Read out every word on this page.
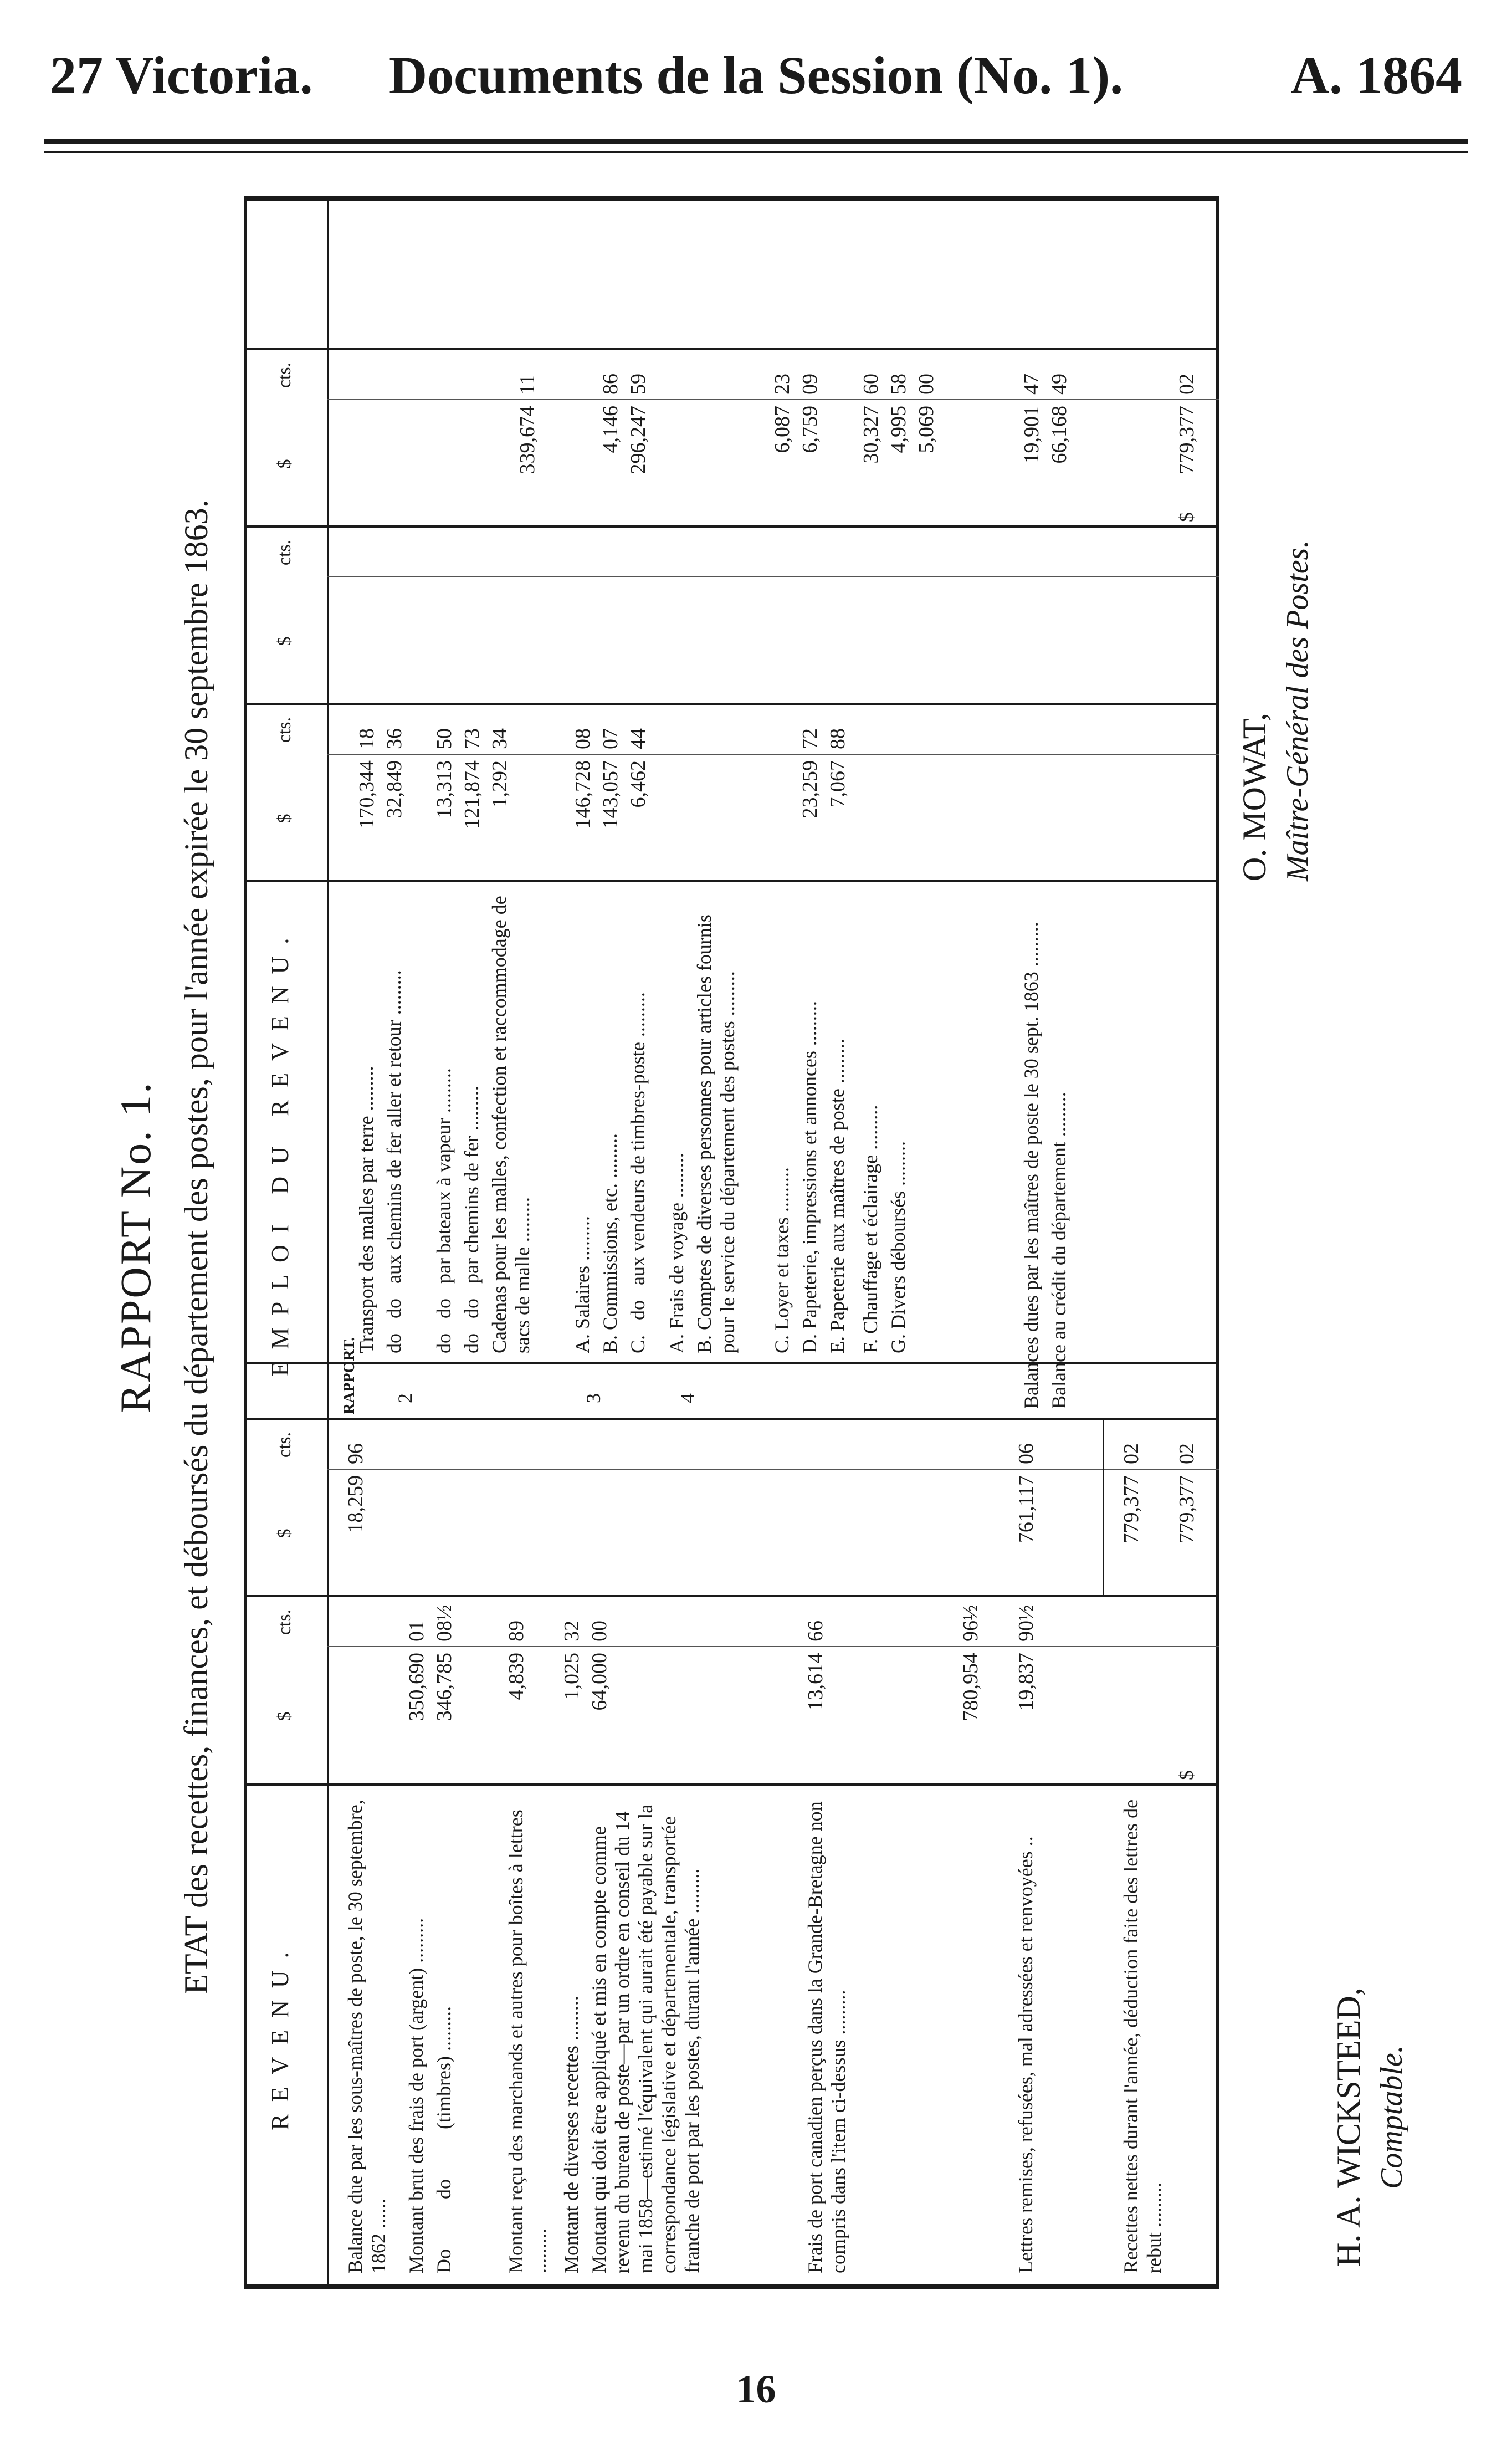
27 Victoria.	Documents de la Session (No. 1).	A. 1864
RAPPORT No. 1. ETAT des recettes, finances, et déboursés du département des postes, pour l'année expirée le 30 septembre 1863.
REVENU.
$
cts.
$
cts.
EMPLOI DU REVENU.
$
cts.
$
cts.
$
cts.
Balance due par les sous-maîtres de poste, le 30 septembre, 1862 ......
18,259
96
Montant brut des frais de port (argent) .........
350,690
01
Do          do          (timbres) .........
346,785
08½
Montant reçu des marchands et autres pour boîtes à lettres .........
4,839
89
Montant de diverses recettes .........
1,025
32
Montant qui doit être appliqué et mis en compte comme revenu du bureau de poste—par un ordre en conseil du 14 mai 1858—estimé l'équivalent qui aurait été payable sur la correspondance législative et départementale, transportée franche de port par les postes, durant l'année .........
64,000
00
Frais de port canadien perçus dans la Grande-Bretagne non compris dans l'item ci-dessus .........
13,614
66
780,954
96½
Lettres remises, refusées, mal adressées et renvoyées ..
19,837
90½
761,117
06
Recettes nettes durant l'année, déduction faite des lettres de rebut .........
779,377
02
$
779,377
02
RAPPORT.
Transport des malles par terre .........
170,344
18
2
do   do   aux chemins de fer aller et retour .........
32,849
36
do   do   par bateaux à vapeur .........
13,313
50
do   do   par chemins de fer .........
121,874
73
Cadenas pour les malles, confection et raccommodage de sacs de malle .........
1,292
34
339,674
11
3
A. Salaires .........
146,728
08
B. Commissions, etc. .........
143,057
07
C.   do   aux vendeurs de timbres-poste .........
6,462
44
296,247
59
4
A. Frais de voyage ......... B. Comptes de diverses personnes pour articles fournis pour le service du département des postes ......... C. Loyer et taxes ......... D. Papeterie, impressions et annonces .........
23,259
72
E. Papeterie aux maîtres de poste .........
7,067
88
F. Chauffage et éclairage ......... G. Divers déboursés .........
4,146
86
6,087
23
6,759
09
30,327
60
4,995
58
5,069
00
Balances dues par les maîtres de poste le 30 sept. 1863 .........
19,901
47
Balance au crédit du département .........
66,168
49
$
779,377
02
O. MOWAT, Maître-Général des Postes.
H. A. WICKSTEED, Comptable.
16
